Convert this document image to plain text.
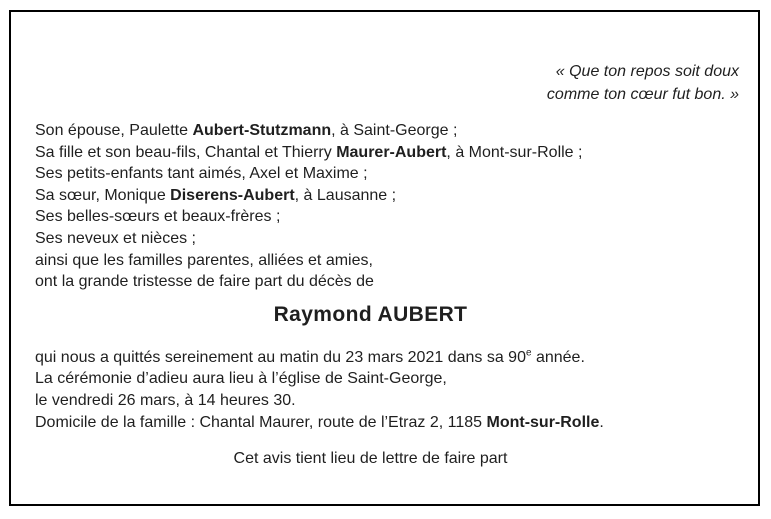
« Que ton repos soit doux
comme ton cœur fut bon. »
Son épouse, Paulette Aubert-Stutzmann, à Saint-George ;
Sa fille et son beau-fils, Chantal et Thierry Maurer-Aubert, à Mont-sur-Rolle ;
Ses petits-enfants tant aimés, Axel et Maxime ;
Sa sœur, Monique Diserens-Aubert, à Lausanne ;
Ses belles-sœurs et beaux-frères ;
Ses neveux et nièces ;
ainsi que les familles parentes, alliées et amies,
ont la grande tristesse de faire part du décès de
Raymond AUBERT
qui nous a quittés sereinement au matin du 23 mars 2021 dans sa 90e année.
La cérémonie d’adieu aura lieu à l’église de Saint-George,
le vendredi 26 mars, à 14 heures 30.
Domicile de la famille : Chantal Maurer, route de l’Etraz 2, 1185 Mont-sur-Rolle.
Cet avis tient lieu de lettre de faire part
